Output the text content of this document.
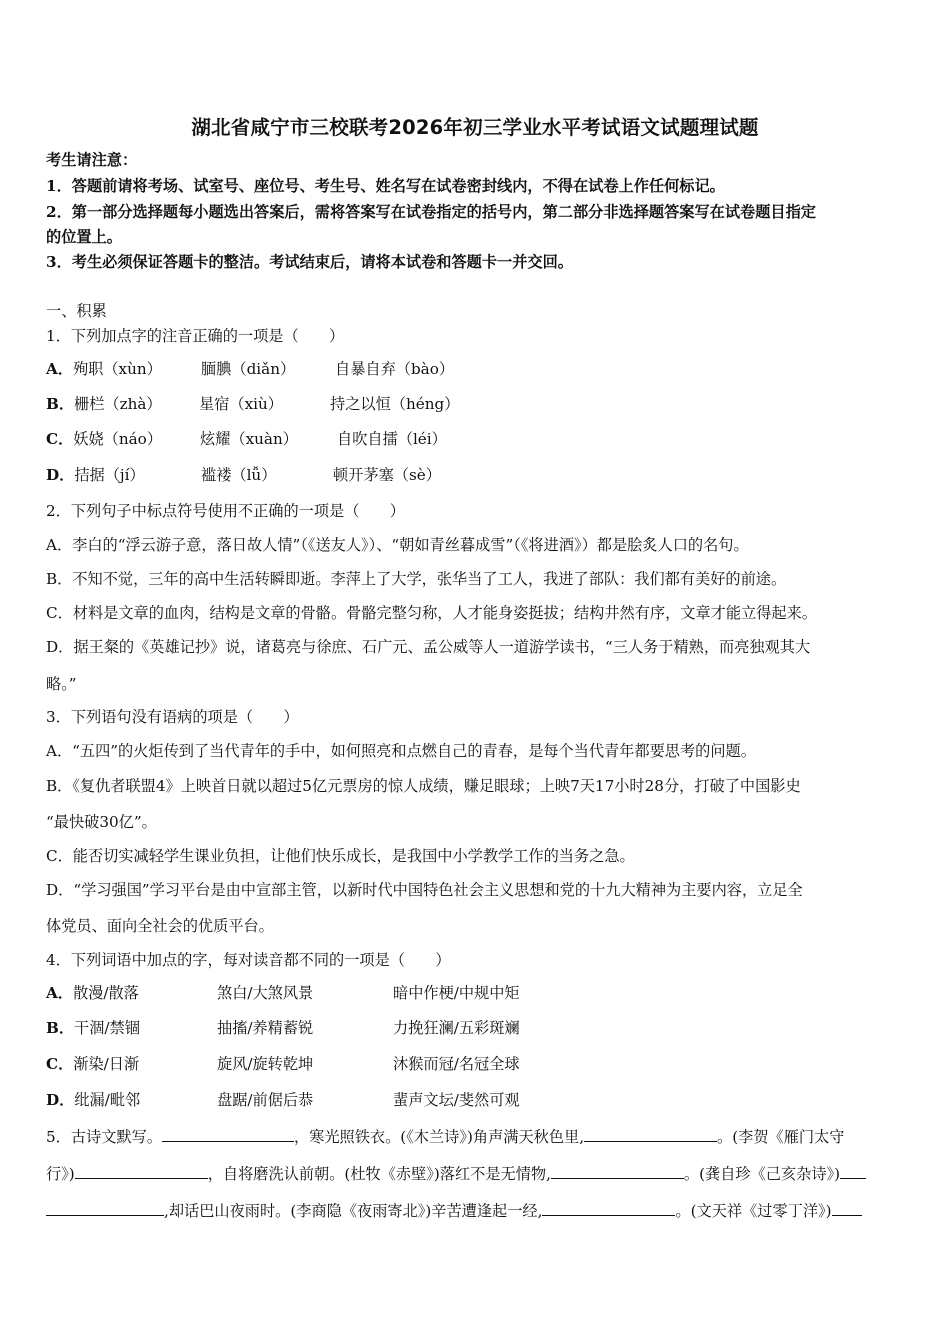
湖北省咸宁市三校联考2026年初三学业水平考试语文试题理试题
考生请注意：
1．答题前请将考场、试室号、座位号、考生号、姓名写在试卷密封线内，不得在试卷上作任何标记。
2．第一部分选择题每小题选出答案后，需将答案写在试卷指定的括号内，第二部分非选择题答案写在试卷题目指定
的位置上。
3．考生必须保证答题卡的整洁。考试结束后，请将本试卷和答题卡一并交回。
一、积累
1．下列加点字的注音正确的一项是（　　）
A．殉职（xùn）	腼腆（diǎn）	自暴自弃（bào）
B．栅栏（zhà） 星宿（xiù）	持之以恒（héng）
C．妖娆（náo） 炫耀（xuàn）	自吹自擂（léi）
D．拮据（jí）	褴褛（lǚ）	顿开茅塞（sè）
2．下列句子中标点符号使用不正确的一项是（　　）
A．李白的“浮云游子意，落日故人情”（《送友人》）、“朝如青丝暮成雪”（《将进酒》）都是脍炙人口的名句。
B．不知不觉，三年的高中生活转瞬即逝。李萍上了大学，张华当了工人，我进了部队：我们都有美好的前途。
C．材料是文章的血肉，结构是文章的骨骼。骨骼完整匀称，人才能身姿挺拔；结构井然有序，文章才能立得起来。
D．据王粲的《英雄记抄》说，诸葛亮与徐庶、石广元、孟公威等人一道游学读书，“三人务于精熟，而亮独观其大
略。”
3．下列语句没有语病的项是（　　）
A．“五四”的火炬传到了当代青年的手中，如何照亮和点燃自己的青春，是每个当代青年都要思考的问题。
B．《复仇者联盟4》上映首日就以超过5亿元票房的惊人成绩，赚足眼球；上映7天17小时28分，打破了中国影史
“最快破30亿”。
C．能否切实减轻学生课业负担，让他们快乐成长，是我国中小学教学工作的当务之急。
D．“学习强国”学习平台是由中宣部主管，以新时代中国特色社会主义思想和党的十九大精神为主要内容，立足全
体党员、面向全社会的优质平台。
4．下列词语中加点的字，每对读音都不同的一项是（　　）
A．散漫/散落	煞白/大煞风景	暗中作梗/中规中矩
B．干涸/禁锢	抽搐/养精蓄锐	力挽狂澜/五彩斑斓
C．渐染/日渐	旋风/旋转乾坤	沐猴而冠/名冠全球
D．纰漏/毗邻	盘踞/前倨后恭	蜚声文坛/斐然可观
5．古诗文默写。	，寒光照铁衣。(《木兰诗》)角声满天秋色里,	。(李贺《雁门太守
行》)	，自将磨洗认前朝。(杜牧《赤壁》)落红不是无情物,	。(龚自珍《己亥杂诗》)
,却话巴山夜雨时。(李商隐《夜雨寄北》)辛苦遭逢起一经,	。(文天祥《过零丁洋》)
